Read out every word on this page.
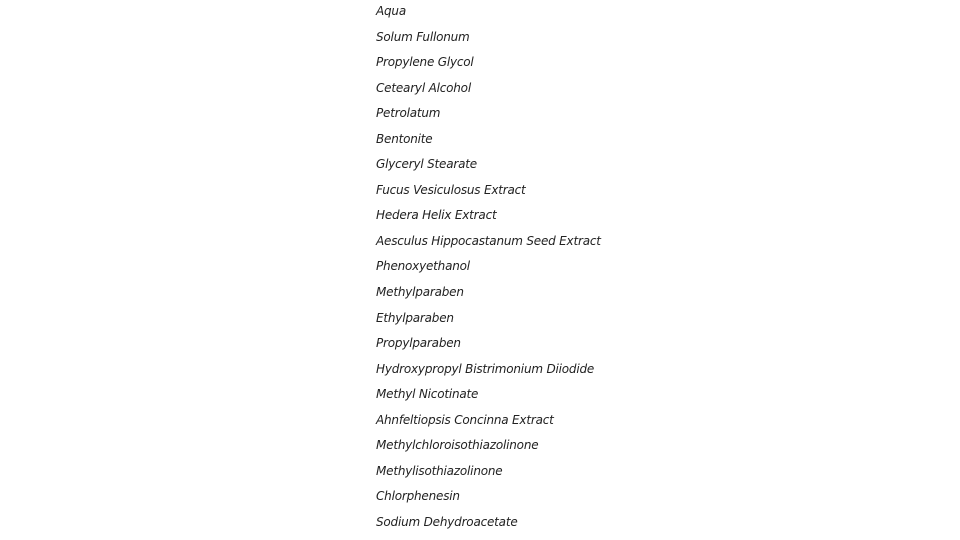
Aqua
Solum Fullonum
Propylene Glycol
Cetearyl Alcohol
Petrolatum
Bentonite
Glyceryl Stearate
Fucus Vesiculosus Extract
Hedera Helix Extract
Aesculus Hippocastanum Seed Extract
Phenoxyethanol
Methylparaben
Ethylparaben
Propylparaben
Hydroxypropyl Bistrimonium Diiodide
Methyl Nicotinate
Ahnfeltiopsis Concinna Extract
Methylchloroisothiazolinone
Methylisothiazolinone
Chlorphenesin
Sodium Dehydroacetate
